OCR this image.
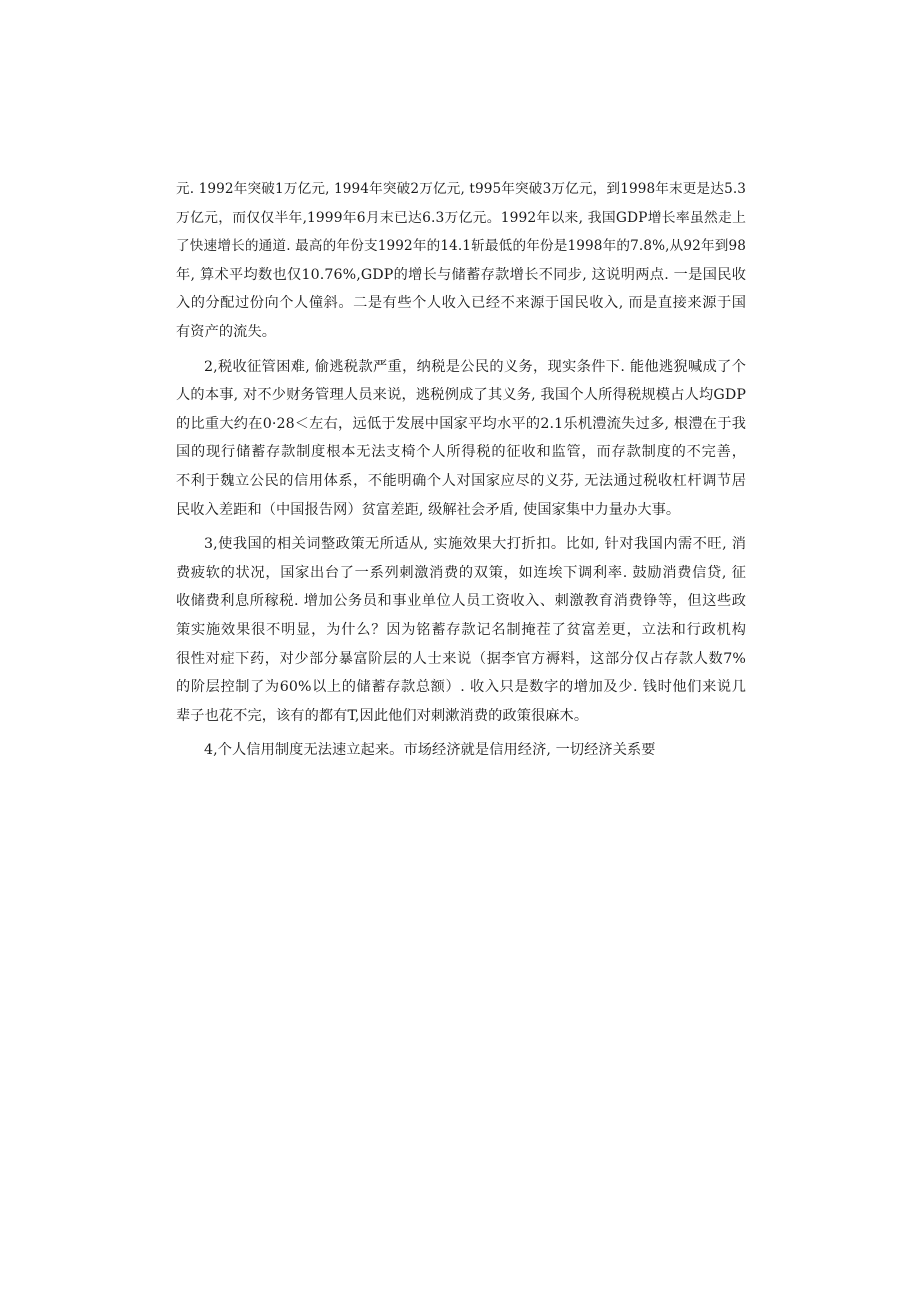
元. 1992年突破1万亿元, 1994年突破2万亿元, t995年突破3万亿元，到1998年末更是达5.3
万亿元，而仅仅半年,1999年6月末已达6.3万亿元。1992年以来, 我国GDP增长率虽然走上
了快速增长的通道. 最高的年份支1992年的14.1斩最低的年份是1998年的7.8%,从92年到98
年, 算术平均数也仅10.76%,GDP的增长与储蓄存款增长不同步, 这说明两点. 一是国民收
入的分配过份向个人僮斜。二是有些个人收入已经不来源于国民收入, 而是直接来源于国
有资产的流失。

2,税收征管困难, 偷逃税款严重，纳税是公民的义务，现实条件下. 能他逃猊喊成了个
人的本事, 对不少财务管理人员来说，逃税例成了其义务, 我国个人所得税规模占人均GDP
的比重大约在0·28＜左右，远低于发展中国家平均水平的2.1乐机澧流失过多, 根澧在于我
国的现行储蓄存款制度根本无法支椅个人所得税的征收和监管，而存款制度的不完善，
不利于魏立公民的信用体系，不能明确个人对国家应尽的义芬, 无法通过税收杠杆调节居
民收入差距和（中国报告网）贫富差距, 级解社会矛盾, 使国家集中力量办大事。

3,使我国的相关词整政策无所适从, 实施效果大打折扣。比如, 针对我国内需不旺, 消
费疲软的状况，国家出台了一系列刺激消费的双策，如连埃下调利率. 鼓励消费信贷, 征
收储费利息所稼税. 增加公务员和事业单位人员工资收入、刺激教育消费铮等，但这些政
策实施效果很不明显，为什么？因为铭蓄存款记名制掩茬了贫富差更，立法和行政机构
很性对症下药，对少部分暴富阶层的人士来说（据李官方褥料，这部分仅占存款人数7%
的阶层控制了为60%以上的储蓄存款总额）. 收入只是数字的增加及少. 钱时他们来说几
辈子也花不完，该有的都有T,因此他们对刺漱消费的政策很麻木。

4,个人信用制度无法速立起来。市场经济就是信用经济, 一切经济关系要
